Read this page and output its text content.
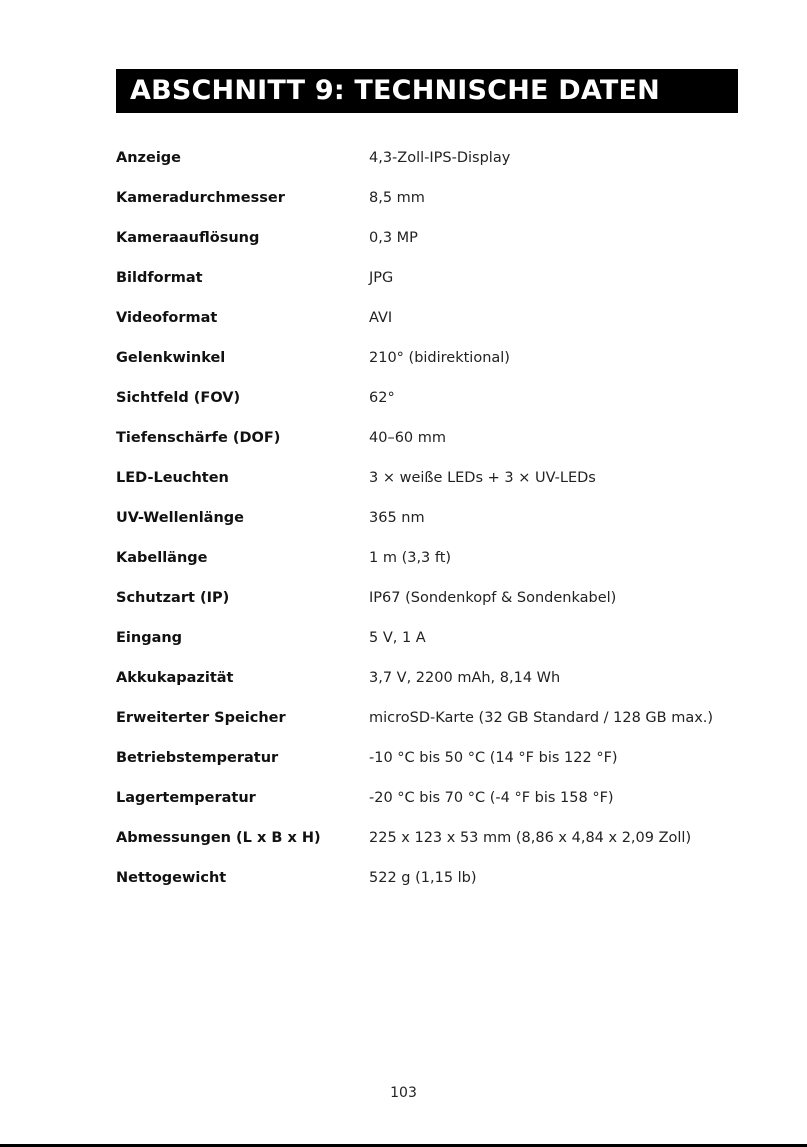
ABSCHNITT 9: TECHNISCHE DATEN
Anzeige	4,3-Zoll-IPS-Display
Kameradurchmesser	8,5 mm
Kameraauflösung	0,3 MP
Bildformat	JPG
Videoformat	AVI
Gelenkwinkel	210° (bidirektional)
Sichtfeld (FOV)	62°
Tiefenschärfe (DOF)	40–60 mm
LED-Leuchten	3 × weiße LEDs + 3 × UV-LEDs
UV-Wellenlänge	365 nm
Kabellänge	1 m (3,3 ft)
Schutzart (IP)	IP67 (Sondenkopf & Sondenkabel)
Eingang	5 V, 1 A
Akkukapazität	3,7 V, 2200 mAh, 8,14 Wh
Erweiterter Speicher	microSD-Karte (32 GB Standard / 128 GB max.)
Betriebstemperatur	-10 °C bis 50 °C (14 °F bis 122 °F)
Lagertemperatur	-20 °C bis 70 °C (-4 °F bis 158 °F)
Abmessungen (L x B x H)	225 x 123 x 53 mm (8,86 x 4,84 x 2,09 Zoll)
Nettogewicht	522 g (1,15 lb)
103
